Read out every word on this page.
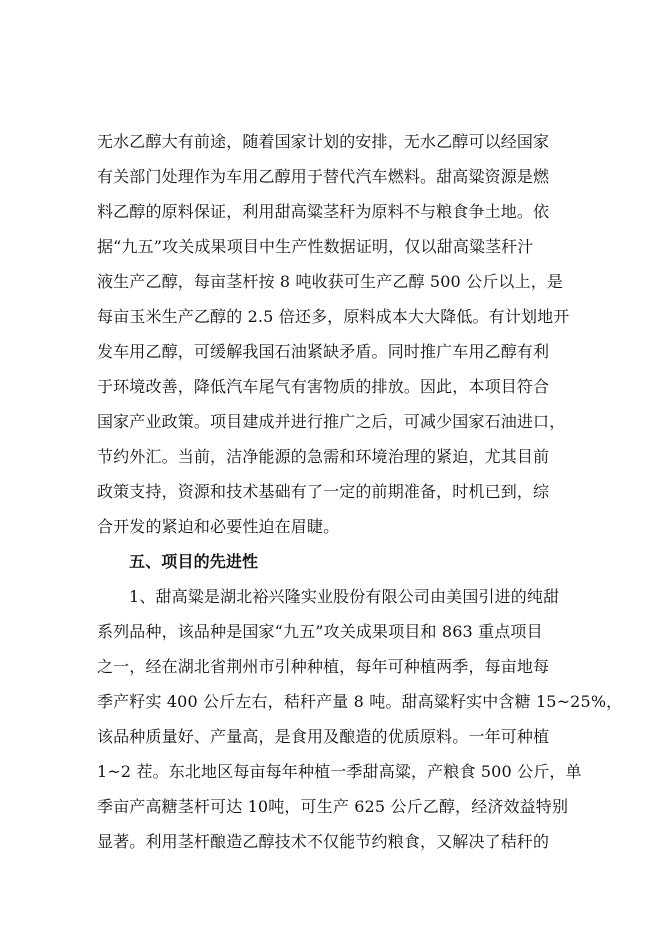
无水乙醇大有前途，随着国家计划的安排，无水乙醇可以经国家
有关部门处理作为车用乙醇用于替代汽车燃料。甜高粱资源是燃
料乙醇的原料保证，利用甜高粱茎秆为原料不与粮食争土地。依
据“九五”攻关成果项目中生产性数据证明，仅以甜高粱茎秆汁
液生产乙醇，每亩茎杆按 8 吨收获可生产乙醇 500 公斤以上，是
每亩玉米生产乙醇的 2.5 倍还多，原料成本大大降低。有计划地开
发车用乙醇，可缓解我国石油紧缺矛盾。同时推广车用乙醇有利
于环境改善，降低汽车尾气有害物质的排放。因此，本项目符合
国家产业政策。项目建成并进行推广之后，可减少国家石油进口，
节约外汇。当前，洁净能源的急需和环境治理的紧迫，尤其目前
政策支持，资源和技术基础有了一定的前期准备，时机已到，综
合开发的紧迫和必要性迫在眉睫。
五、项目的先进性
1、甜高粱是湖北裕兴隆实业股份有限公司由美国引进的纯甜
系列品种，该品种是国家“九五”攻关成果项目和 863 重点项目
之一，经在湖北省荆州市引种种植，每年可种植两季，每亩地每
季产籽实 400 公斤左右，秸秆产量 8 吨。甜高粱籽实中含糖 15~25%，
该品种质量好、产量高，是食用及酿造的优质原料。一年可种植
1~2 茬。东北地区每亩每年种植一季甜高粱，产粮食 500 公斤，单
季亩产高糖茎杆可达 10吨，可生产 625 公斤乙醇，经济效益特别
显著。利用茎杆酿造乙醇技术不仅能节约粮食，又解决了秸秆的
